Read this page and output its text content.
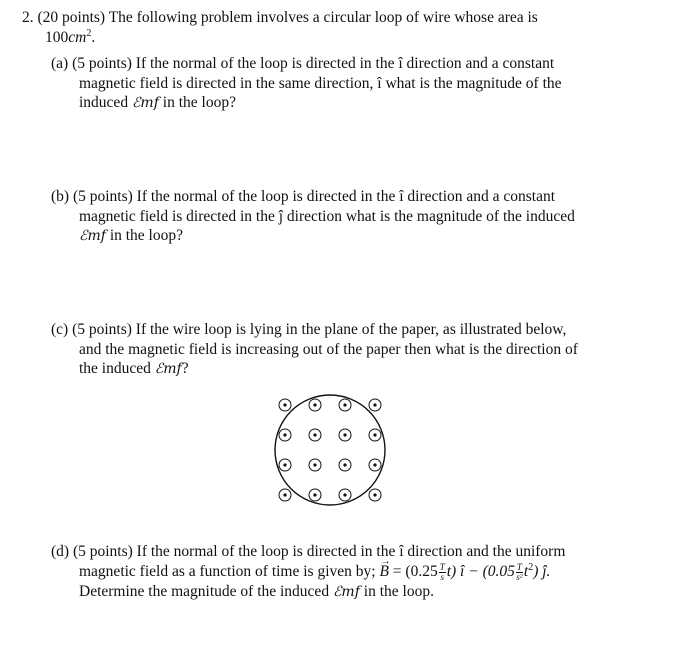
2. (20 points) The following problem involves a circular loop of wire whose area is
$100cm^2$.
(a) (5 points) If the normal of the loop is directed in the î direction and a constant
magnetic field is directed in the same direction, î what is the magnitude of the
induced ℰmf in the loop?
(b) (5 points) If the normal of the loop is directed in the î direction and a constant
magnetic field is directed in the ĵ direction what is the magnitude of the induced
ℰmf in the loop?
(c) (5 points) If the wire loop is lying in the plane of the paper, as illustrated below,
and the magnetic field is increasing out of the paper then what is the direction of
the induced ℰmf?
(d) (5 points) If the normal of the loop is directed in the î direction and the uniform
magnetic field as a function of time is given by; → $B = (0.25 \frac{T}{s} t)$ î − $(0.05 \frac{T}{\text{s²}} t^2)$ ĵ.
Determine the magnitude of the induced ℰmf in the loop.
